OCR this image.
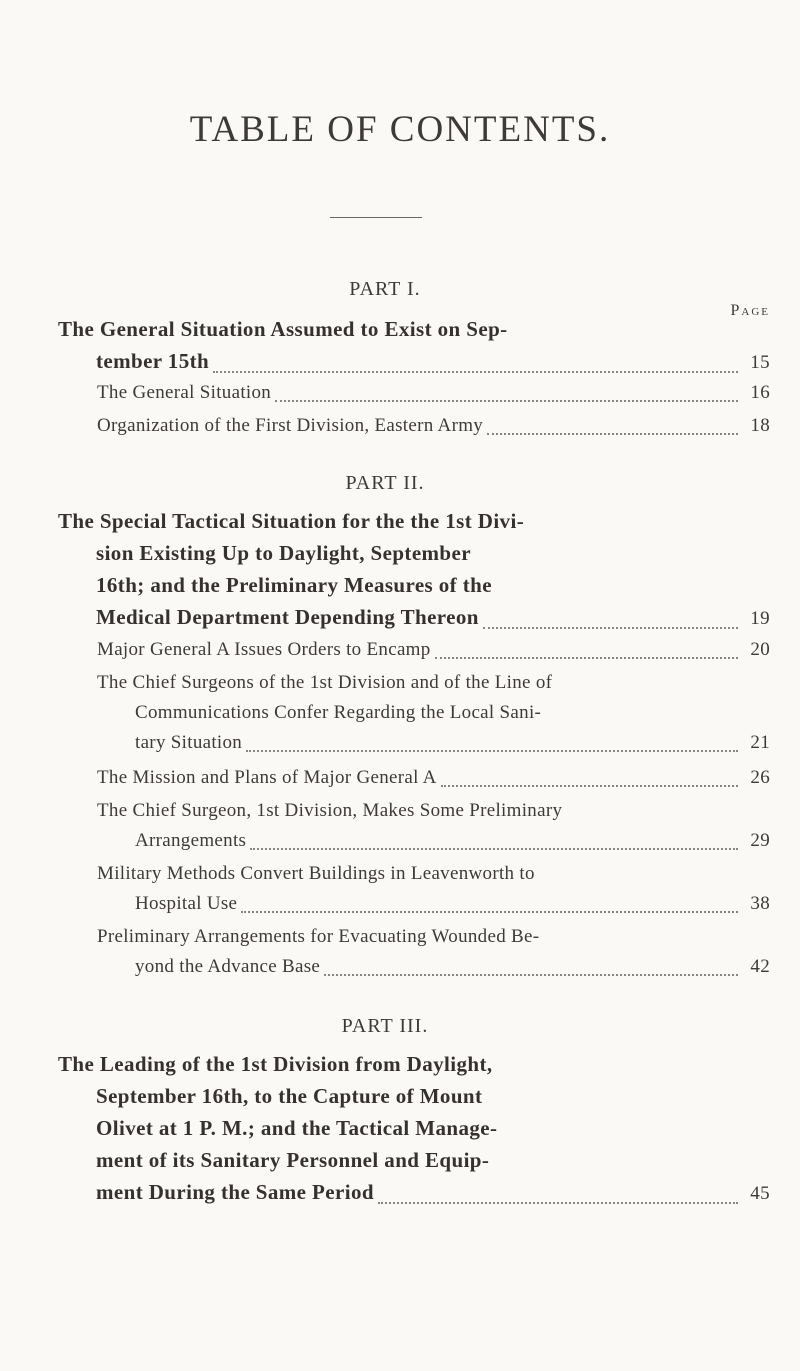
TABLE OF CONTENTS.
PART I.
Page
The General Situation Assumed to Exist on Sep-
tember 15th	15
The General Situation	16
Organization of the First Division, Eastern Army	18
PART II.
The Special Tactical Situation for the the 1st Divi-
sion Existing Up to Daylight, September
16th; and the Preliminary Measures of the
Medical Department Depending Thereon	19
Major General A Issues Orders to Encamp	20
The Chief Surgeons of the 1st Division and of the Line of
Communications Confer Regarding the Local Sani-
tary Situation	21
The Mission and Plans of Major General A	26
The Chief Surgeon, 1st Division, Makes Some Preliminary
Arrangements	29
Military Methods Convert Buildings in Leavenworth to
Hospital Use	38
Preliminary Arrangements for Evacuating Wounded Be-
yond the Advance Base	42
PART III.
The Leading of the 1st Division from Daylight,
September 16th, to the Capture of Mount
Olivet at 1 P. M.; and the Tactical Manage-
ment of its Sanitary Personnel and Equip-
ment During the Same Period	45
